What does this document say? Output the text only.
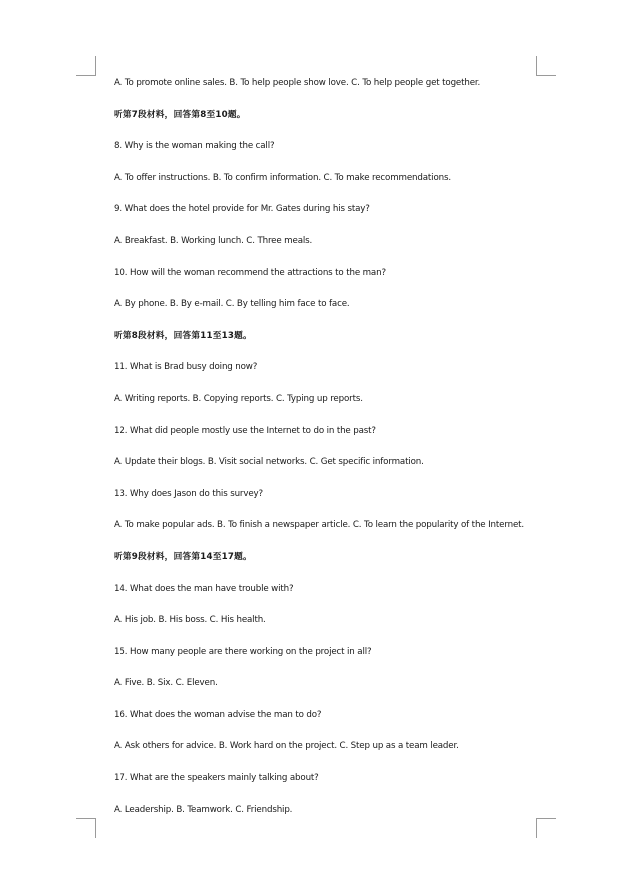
A. To promote online sales. B. To help people show love. C. To help people get together.

听第7段材料，回答第8至10题。

8. Why is the woman making the call?

A. To offer instructions. B. To confirm information. C. To make recommendations.

9. What does the hotel provide for Mr. Gates during his stay?

A. Breakfast. B. Working lunch. C. Three meals.

10. How will the woman recommend the attractions to the man?

A. By phone. B. By e-mail. C. By telling him face to face.

听第8段材料，回答第11至13题。

11. What is Brad busy doing now?

A. Writing reports. B. Copying reports. C. Typing up reports.

12. What did people mostly use the Internet to do in the past?

A. Update their blogs. B. Visit social networks. C. Get specific information.

13. Why does Jason do this survey?

A. To make popular ads. B. To finish a newspaper article. C. To learn the popularity of the Internet.

听第9段材料，回答第14至17题。

14. What does the man have trouble with?

A. His job. B. His boss. C. His health.

15. How many people are there working on the project in all?

A. Five. B. Six. C. Eleven.

16. What does the woman advise the man to do?

A. Ask others for advice. B. Work hard on the project. C. Step up as a team leader.

17. What are the speakers mainly talking about?

A. Leadership. B. Teamwork. C. Friendship.
